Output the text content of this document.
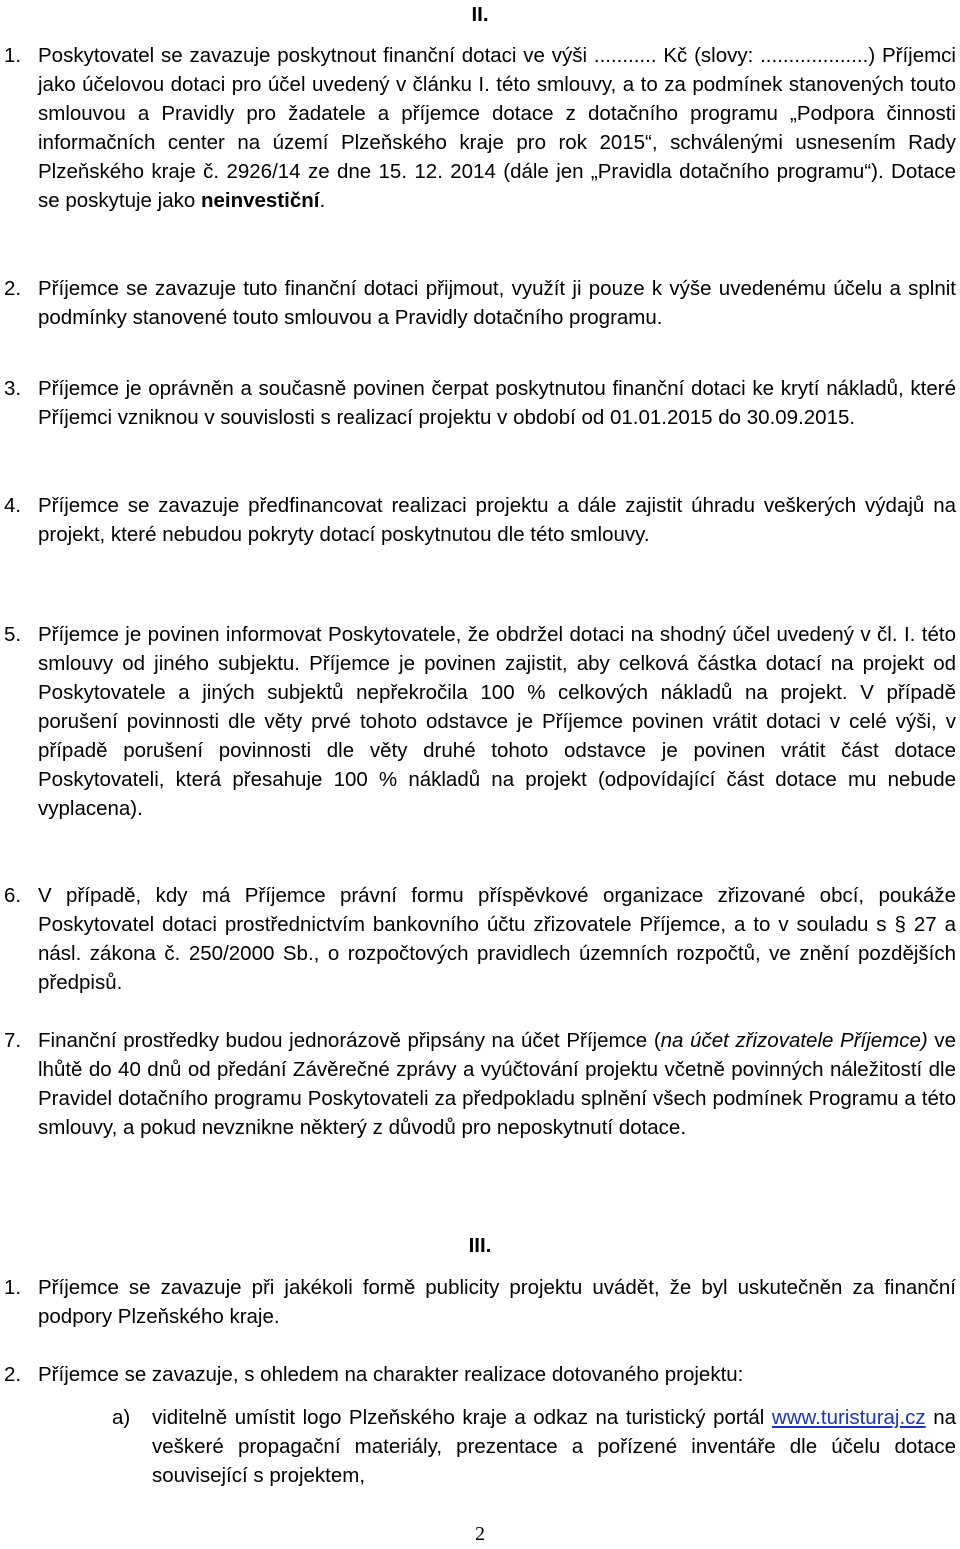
II.
1. Poskytovatel se zavazuje poskytnout finanční dotaci ve výši ........... Kč (slovy: ...................) Příjemci jako účelovou dotaci pro účel uvedený v článku I. této smlouvy, a to za podmínek stanovených touto smlouvou a Pravidly pro žadatele a příjemce dotace z dotačního programu „Podpora činnosti informačních center na území Plzeňského kraje pro rok 2015“, schválenými usnesením Rady Plzeňského kraje č. 2926/14 ze dne 15. 12. 2014 (dále jen „Pravidla dotačního programu“). Dotace se poskytuje jako neinvestiční.
2. Příjemce se zavazuje tuto finanční dotaci přijmout, využít ji pouze k výše uvedenému účelu a splnit podmínky stanovené touto smlouvou a Pravidly dotačního programu.
3. Příjemce je oprávněn a současně povinen čerpat poskytnutou finanční dotaci ke krytí nákladů, které Příjemci vzniknou v souvislosti s realizací projektu v období od 01.01.2015 do 30.09.2015.
4. Příjemce se zavazuje předfinancovat realizaci projektu a dále zajistit úhradu veškerých výdajů na projekt, které nebudou pokryty dotací poskytnutou dle této smlouvy.
5. Příjemce je povinen informovat Poskytovatele, že obdržel dotaci na shodný účel uvedený v čl. I. této smlouvy od jiného subjektu. Příjemce je povinen zajistit, aby celková částka dotací na projekt od Poskytovatele a jiných subjektů nepřekročila 100 % celkových nákladů na projekt. V případě porušení povinnosti dle věty prvé tohoto odstavce je Příjemce povinen vrátit dotaci v celé výši, v případě porušení povinnosti dle věty druhé tohoto odstavce je povinen vrátit část dotace Poskytovateli, která přesahuje 100 % nákladů na projekt (odpovídající část dotace mu nebude vyplacena).
6. V případě, kdy má Příjemce právní formu příspěvkové organizace zřizované obcí, poukáže Poskytovatel dotaci prostřednictvím bankovního účtu zřizovatele Příjemce, a to v souladu s § 27 a násl. zákona č. 250/2000 Sb., o rozpočtových pravidlech územních rozpočtů, ve znění pozdějších předpisů.
7. Finanční prostředky budou jednorázově připsány na účet Příjemce (na účet zřizovatele Příjemce) ve lhůtě do 40 dnů od předání Závěrečné zprávy a vyúčtování projektu včetně povinných náležitostí dle Pravidel dotačního programu Poskytovateli za předpokladu splnění všech podmínek Programu a této smlouvy, a pokud nevznikne některý z důvodů pro neposkytnutí dotace.
III.
1. Příjemce se zavazuje při jakékoli formě publicity projektu uvádět, že byl uskutečněn za finanční podpory Plzeňského kraje.
2. Příjemce se zavazuje, s ohledem na charakter realizace dotovaného projektu:
a)	viditelně umístit logo Plzeňského kraje a odkaz na turistický portál www.turisturaj.cz na veškeré propagační materiály, prezentace a pořízené inventáře dle účelu dotace související s projektem,
2
